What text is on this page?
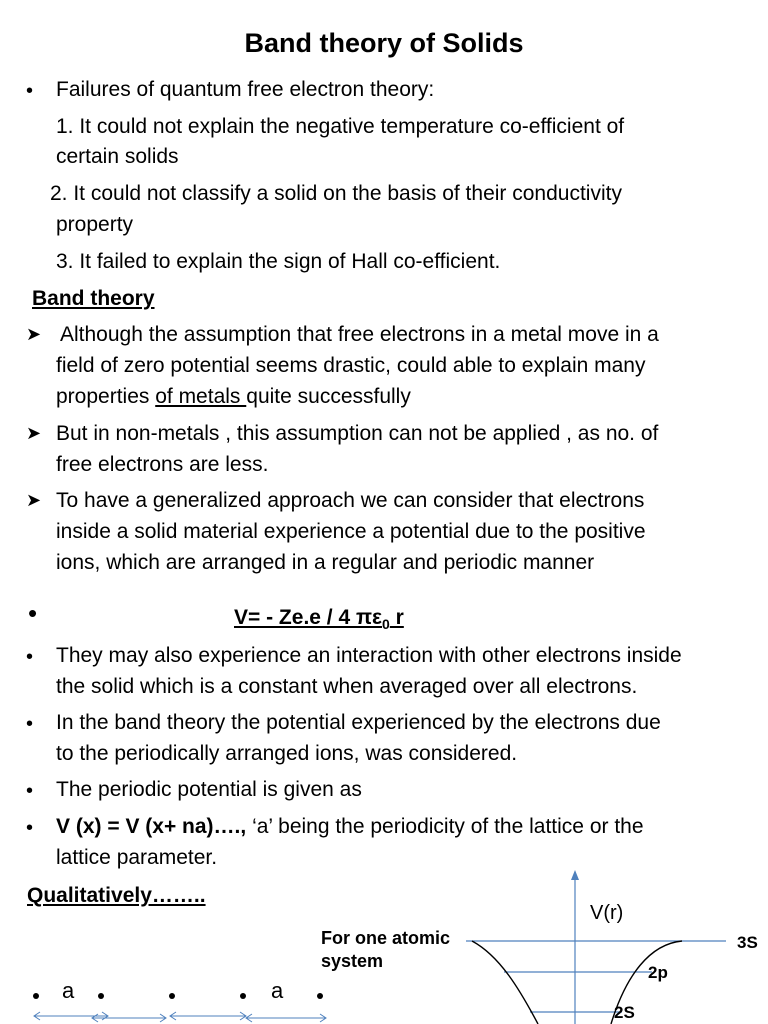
Band theory of Solids
• Failures of quantum free electron theory:
1. It could not explain the negative temperature co-efficient of
certain solids
2. It could not classify a solid on the basis of their conductivity
property
3. It failed to explain the sign of Hall co-efficient.
Band theory
➤ Although the assumption that free electrons in a metal move in a
field of zero potential seems drastic, could able to explain many
properties of metals quite successfully
➤ But in non-metals , this assumption can not be applied , as no. of
free electrons are less.
➤ To have a generalized approach we can consider that electrons
inside a solid material experience a potential due to the positive
ions, which are arranged in a regular and periodic manner
•	V= - Ze.e / 4 $\pi\varepsilon_0$ r
• They may also experience an interaction with other electrons inside
the solid which is a constant when averaged over all electrons.
• In the band theory the potential experienced by the electrons due
to the periodically arranged ions, was considered.
• The periodic potential is given as
• V (x) = V (x+ na)…., ‘a’ being the periodicity of the lattice or the
lattice parameter.
Qualitatively……..
For one atomic
system
V(r)
3S
2p
2S
a	a
